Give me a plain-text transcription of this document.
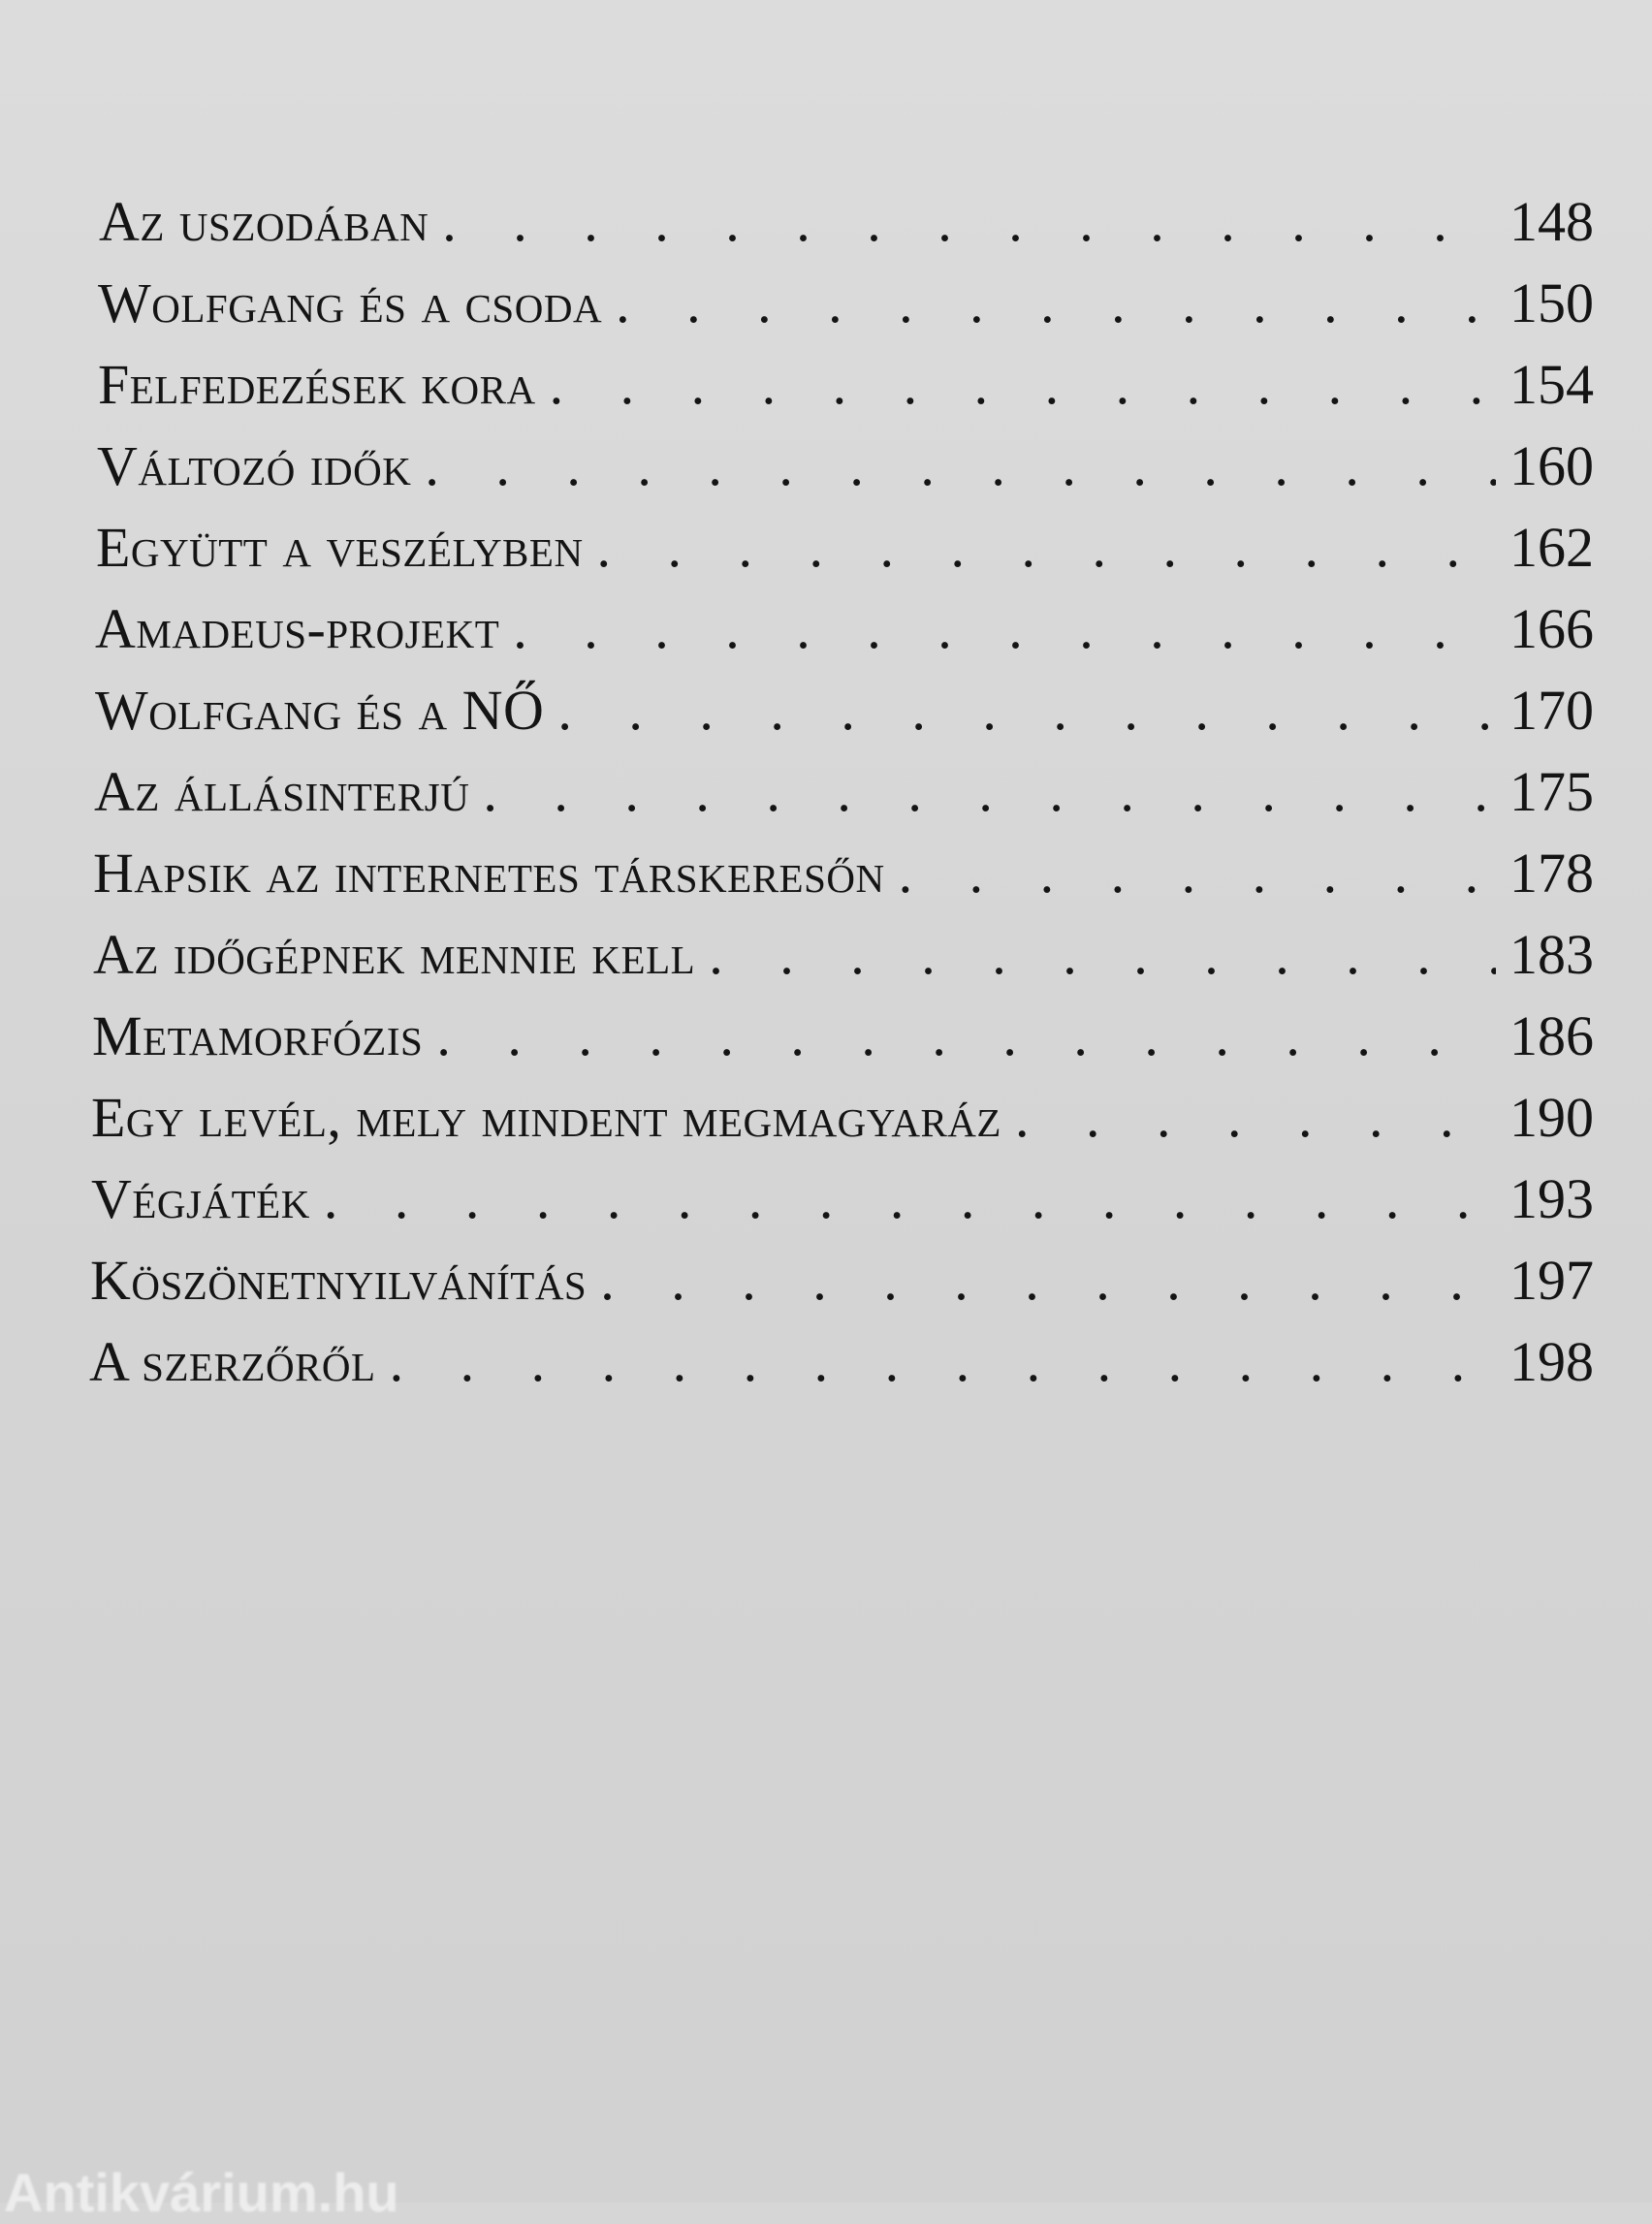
Az uszodában . . .	148
Wolfgang és a csoda . . .	150
Felfedezések kora . . .	154
Változó idők . . .	160
Együtt a veszélyben . . .	162
Amadeus-projekt . . .	166
Wolfgang és a NŐ . . .	170
Az állásinterjú . . .	175
Hapsik az internetes társkeresőn . . .	178
Az időgépnek mennie kell . . .	183
Metamorfózis . . .	186
Egy levél, mely mindent megmagyaráz . . .	190
Végjáték . . .	193
Köszönetnyilvánítás . . .	197
A szerzőről . . .	198
Antikvárium.hu
